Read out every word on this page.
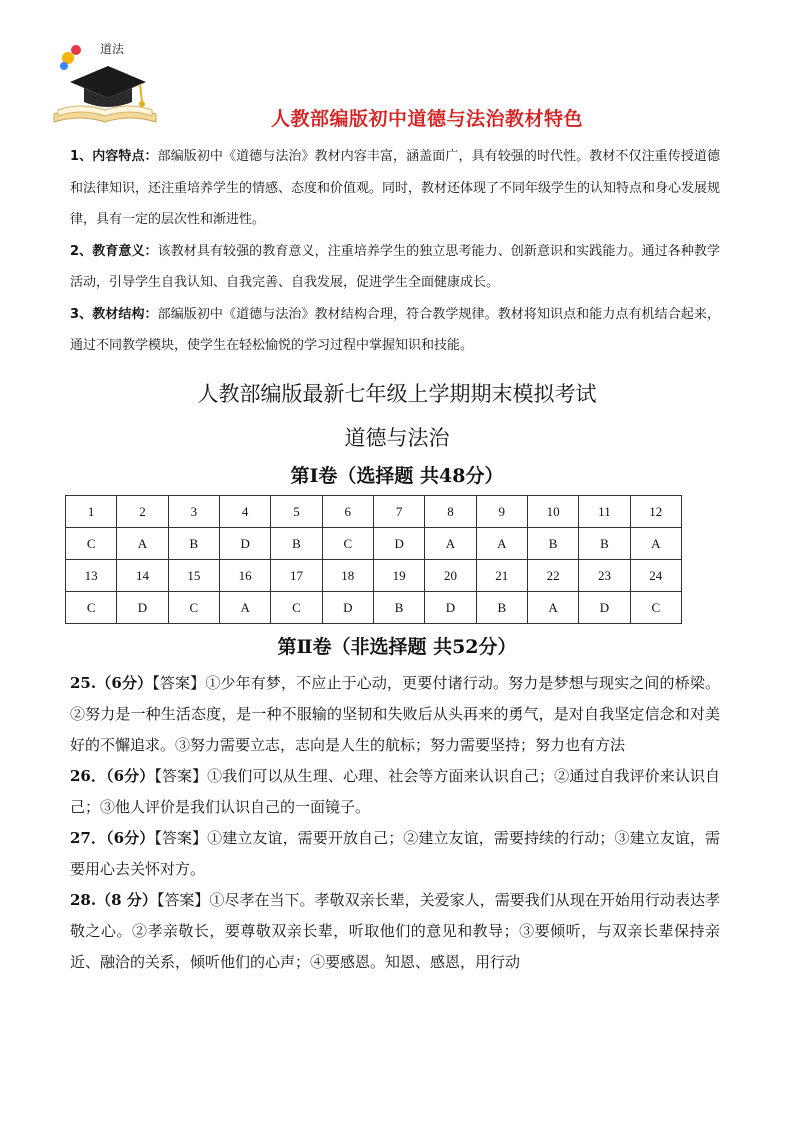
道法
人教部编版初中道德与法治教材特色

1、内容特点：部编版初中《道德与法治》教材内容丰富，涵盖面广，具有较强的时代性。教材不仅注重传授道德和法律知识，还注重培养学生的情感、态度和价值观。同时，教材还体现了不同年级学生的认知特点和身心发展规律，具有一定的层次性和渐进性。

2、教育意义：该教材具有较强的教育意义，注重培养学生的独立思考能力、创新意识和实践能力。通过各种教学活动，引导学生自我认知、自我完善、自我发展，促进学生全面健康成长。

3、教材结构：部编版初中《道德与法治》教材结构合理，符合教学规律。教材将知识点和能力点有机结合起来，通过不同教学模块，使学生在轻松愉悦的学习过程中掌握知识和技能。

人教部编版最新七年级上学期期末模拟考试
道德与法治
第Ⅰ卷（选择题 共48分）
1	2	3	4	5	6	7	8	9	10	11	12
C	A	B	D	B	C	D	A	A	B	B	A
13	14	15	16	17	18	19	20	21	22	23	24
C	D	C	A	C	D	B	D	B	A	D	C
第Ⅱ卷（非选择题 共52分）

25.（6分）【答案】①少年有梦，不应止于心动，更要付诸行动。努力是梦想与现实之间的桥梁。②努力是一种生活态度，是一种不服输的坚韧和失败后从头再来的勇气，是对自我坚定信念和对美好的不懈追求。③努力需要立志，志向是人生的航标；努力需要坚持；努力也有方法

26．（6分）【答案】①我们可以从生理、心理、社会等方面来认识自己；②通过自我评价来认识自己；③他人评价是我们认识自己的一面镜子。

27．（6分）【答案】①建立友谊，需要开放自己；②建立友谊，需要持续的行动；③建立友谊，需要用心去关怀对方。

28.（8 分）【答案】①尽孝在当下。孝敬双亲长辈，关爱家人，需要我们从现在开始用行动表达孝敬之心。②孝亲敬长，要尊敬双亲长辈，听取他们的意见和教导；③要倾听，与双亲长辈保持亲近、融洽的关系，倾听他们的心声；④要感恩。知恩、感恩，用行动
